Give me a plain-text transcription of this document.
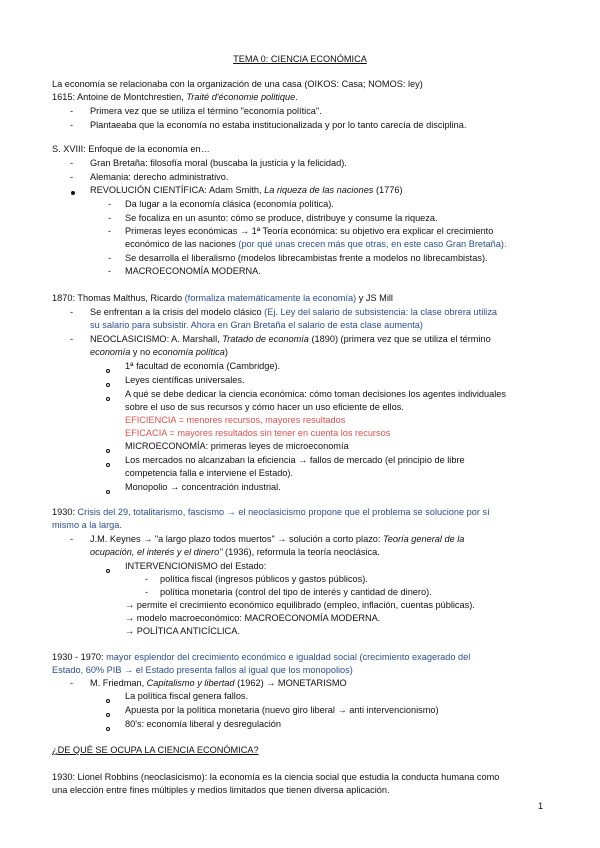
TEMA 0: CIENCIA ECONÓMICA
La economía se relacionaba con la organización de una casa (OIKOS: Casa; NOMOS: ley)
1615: Antoine de Montchrestien, Traité d'économie politique.
- Primera vez que se utiliza el término "economía política".
- Plantaeaba que la economía no estaba institucionalizada y por lo tanto carecía de disciplina.
S. XVIII: Enfoque de la economía en…
- Gran Bretaña: filosofía moral (buscaba la justicia y la felicidad).
- Alemania: derecho administrativo.
REVOLUCIÓN CIENTÍFICA: Adam Smith, La riqueza de las naciones (1776)
- Da lugar a la economía clásica (economía política).
- Se focaliza en un asunto: cómo se produce, distribuye y consume la riqueza.
- Primeras leyes económicas → 1ª Teoría económica: su objetivo era explicar el crecimiento
económico de las naciones (por qué unas crecen más que otras, en este caso Gran Bretaña).
- Se desarrolla el liberalismo (modelos librecambistas frente a modelos no librecambistas).
- MACROECONOMÍA MODERNA.
1870: Thomas Malthus, Ricardo (formaliza matemáticamente la economía) y JS Mill
- Se enfrentan a la crisis del modelo clásico (Ej. Ley del salario de subsistencia: la clase obrera utiliza
su salario para subsistir. Ahora en Gran Bretaña el salario de esta clase aumenta)
- NEOCLASICISMO: A. Marshall, Tratado de economía (1890) (primera vez que se utiliza el término
economía y no economía política)
1ª facultad de economía (Cambridge).
Leyes científicas universales.
A qué se debe dedicar la ciencia económica: cómo toman decisiones los agentes individuales
sobre el uso de sus recursos y cómo hacer un uso eficiente de ellos.
EFICIENCIA = menores recursos, mayores resultados
EFICACIA = mayores resultados sin tener en cuenta los recursos
MICROECONOMÍA: primeras leyes de microeconomía
Los mercados no alcanzaban la eficiencia → fallos de mercado (el principio de libre
competencia falla e interviene el Estado).
Monopolio → concentración industrial.
1930: Crisis del 29, totalitarismo, fascismo → el neoclasicismo propone que el problema se solucione por sí
mismo a la larga.
- J.M. Keynes → "a largo plazo todos muertos" → solución a corto plazo: Teoría general de la
ocupación, el interés y el dinero" (1936), reformula la teoría neoclásica.
INTERVENCIONISMO del Estado:
- política fiscal (ingresos públicos y gastos públicos).
- política monetaria (control del tipo de interés y cantidad de dinero).
→ permite el crecimiento económico equilibrado (empleo, inflación, cuentas públicas).
→ modelo macroeconómico: MACROECONOMÍA MODERNA.
→ POLÍTICA ANTICÍCLICA.
1930 - 1970: mayor esplendor del crecimiento económico e igualdad social (crecimiento exagerado del
Estado, 60% PIB → el Estado presenta fallos al igual que los monopolios)
- M. Friedman, Capitalismo y libertad (1962) → MONETARISMO
La política fiscal genera fallos.
Apuesta por la política monetaria (nuevo giro liberal → anti intervencionismo)
80's: economía liberal y desregulación
¿DE QUÉ SE OCUPA LA CIENCIA ECONÓMICA?
1930: Lionel Robbins (neoclasicismo): la economía es la ciencia social que estudia la conducta humana como
una elección entre fines múltiples y medios limitados que tienen diversa aplicación.
1
